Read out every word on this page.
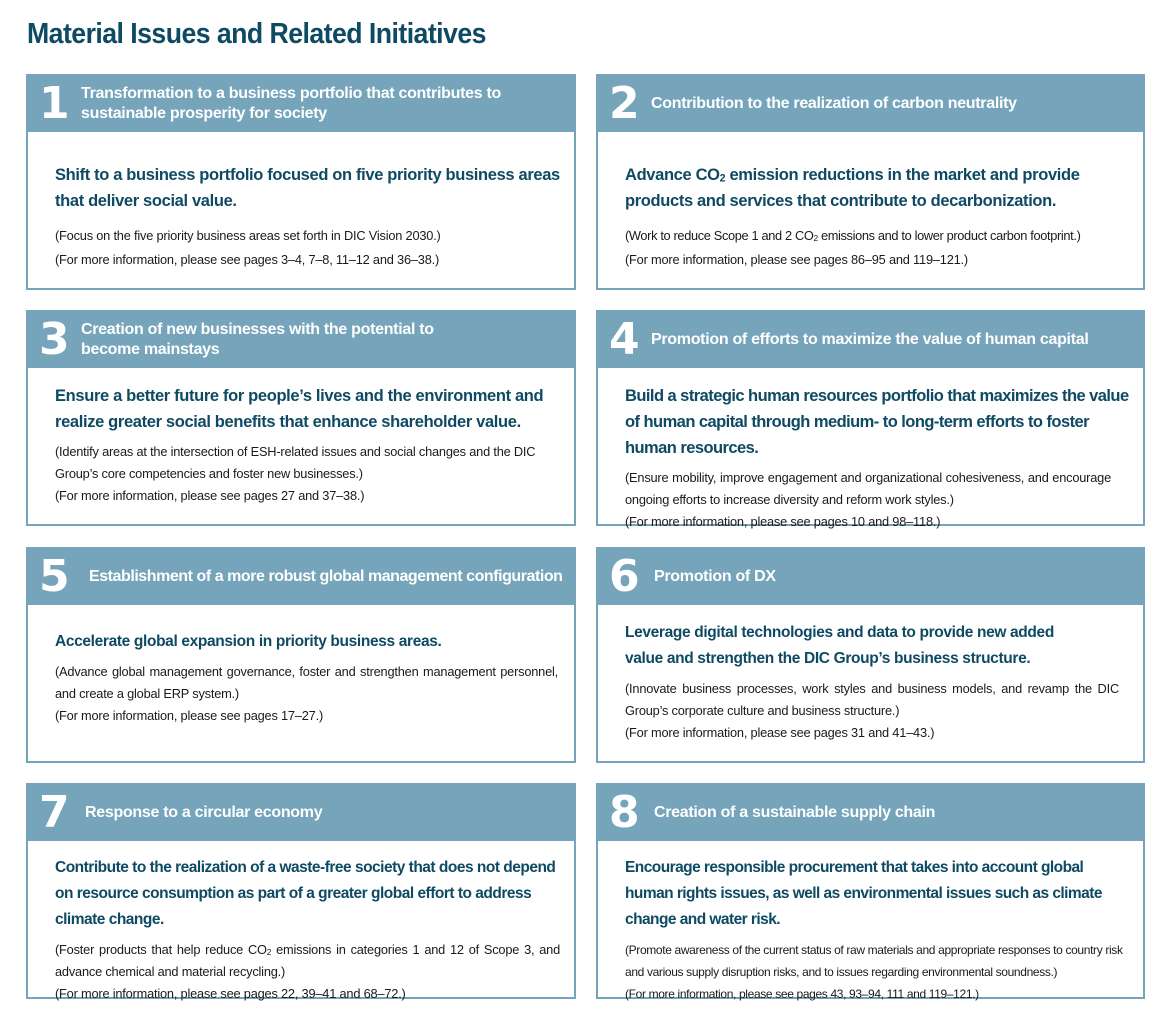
Material Issues and Related Initiatives
1 Transformation to a business portfolio that contributes to sustainable prosperity for society

Shift to a business portfolio focused on five priority business areas that deliver social value.

(Focus on the five priority business areas set forth in DIC Vision 2030.)

(For more information, please see pages 3–4, 7–8, 11–12 and 36–38.)

2 Contribution to the realization of carbon neutrality

Advance $CO_2$ emission reductions in the market and provide products and services that contribute to decarbonization.

(Work to reduce Scope 1 and 2 $CO_2$ emissions and to lower product carbon footprint.)

(For more information, please see pages 86–95 and 119–121.)

3 Creation of new businesses with the potential to become mainstays

Ensure a better future for people’s lives and the environment and realize greater social benefits that enhance shareholder value.

(Identify areas at the intersection of ESH-related issues and social changes and the DIC Group’s core competencies and foster new businesses.)

(For more information, please see pages 27 and 37–38.)

4 Promotion of efforts to maximize the value of human capital

Build a strategic human resources portfolio that maximizes the value of human capital through medium- to long-term efforts to foster human resources.

(Ensure mobility, improve engagement and organizational cohesiveness, and encourage ongoing efforts to increase diversity and reform work styles.)

(For more information, please see pages 10 and 98–118.)

5 Establishment of a more robust global management configuration

Accelerate global expansion in priority business areas.

(Advance global management governance, foster and strengthen management personnel, and create a global ERP system.)

(For more information, please see pages 17–27.)

6 Promotion of DX

Leverage digital technologies and data to provide new added value and strengthen the DIC Group’s business structure.

(Innovate business processes, work styles and business models, and revamp the DIC Group’s corporate culture and business structure.)

(For more information, please see pages 31 and 41–43.)

7 Response to a circular economy

Contribute to the realization of a waste-free society that does not depend on resource consumption as part of a greater global effort to address climate change.

(Foster products that help reduce $CO_2$ emissions in categories 1 and 12 of Scope 3, and advance chemical and material recycling.)

(For more information, please see pages 22, 39–41 and 68–72.)

8 Creation of a sustainable supply chain

Encourage responsible procurement that takes into account global human rights issues, as well as environmental issues such as climate change and water risk.

(Promote awareness of the current status of raw materials and appropriate responses to country risk and various supply disruption risks, and to issues regarding environmental soundness.)

(For more information, please see pages 43, 93–94, 111 and 119–121.)
